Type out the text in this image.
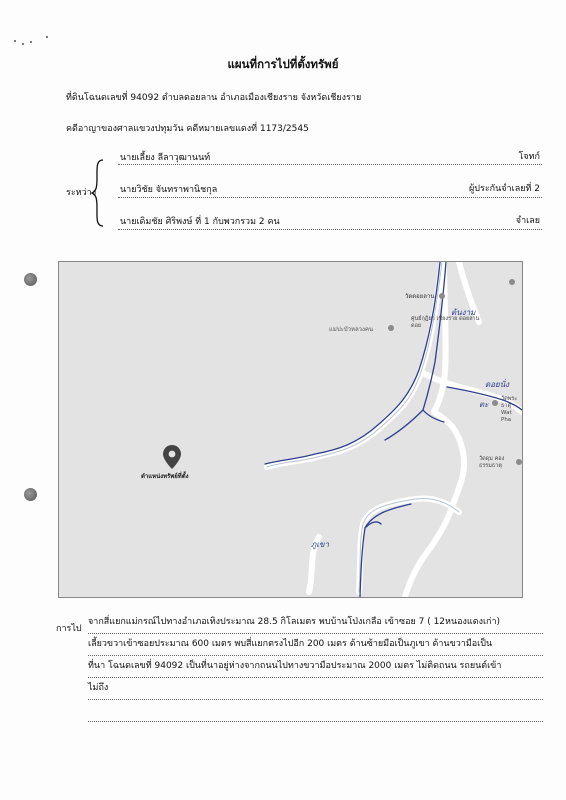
แผนที่การไปที่ตั้งทรัพย์
ที่ดินโฉนดเลขที่ 94092 ตำบลดอยลาน อำเภอเมืองเชียงราย จังหวัดเชียงราย
คดีอาญาของศาลแขวงปทุมวัน คดีหมายเลขแดงที่ 1173/2545
ระหว่าง
นายเลี้ยง ลีลาวุฒานนท์	โจทก์
นายวิชัย จันทราพานิชกุล	ผู้ประกันจำเลยที่ 2
นายเดิมชัย ศิริพงษ์ ที่ 1 กับพวกรวม 2 คน	จำเลย
วัดดอยลาน
แม่ปะบัวหลวงคน
ศูนย์กุฎิยา เชียงราย ดอยลาน ดอย
วัดพระธาตุ Wat Pha
วัดดุม คองธรรมธาตุ
ตำแหน่งทรัพย์ที่ตั้ง
ต้นงาม
ดอยนั่ง
ตะ
ภูเขา
การไป
จากสี่แยกแม่กรณ์ไปทางอำเภอเทิงประมาณ 28.5 กิโลเมตร พบบ้านโป่งเกลือ เข้าซอย 7 ( 12หนองแดงเก่า)
เลี้ยวขวาเข้าซอยประมาณ 600 เมตร พบสี่แยกตรงไปอีก 200 เมตร ด้านซ้ายมือเป็นภูเขา ด้านขวามือเป็น
ที่นา โฉนดเลขที่ 94092 เป็นที่นาอยู่ห่างจากถนนไปทางขวามือประมาณ 2000 เมตร ไม่ติดถนน รถยนต์เข้า
ไม่ถึง
